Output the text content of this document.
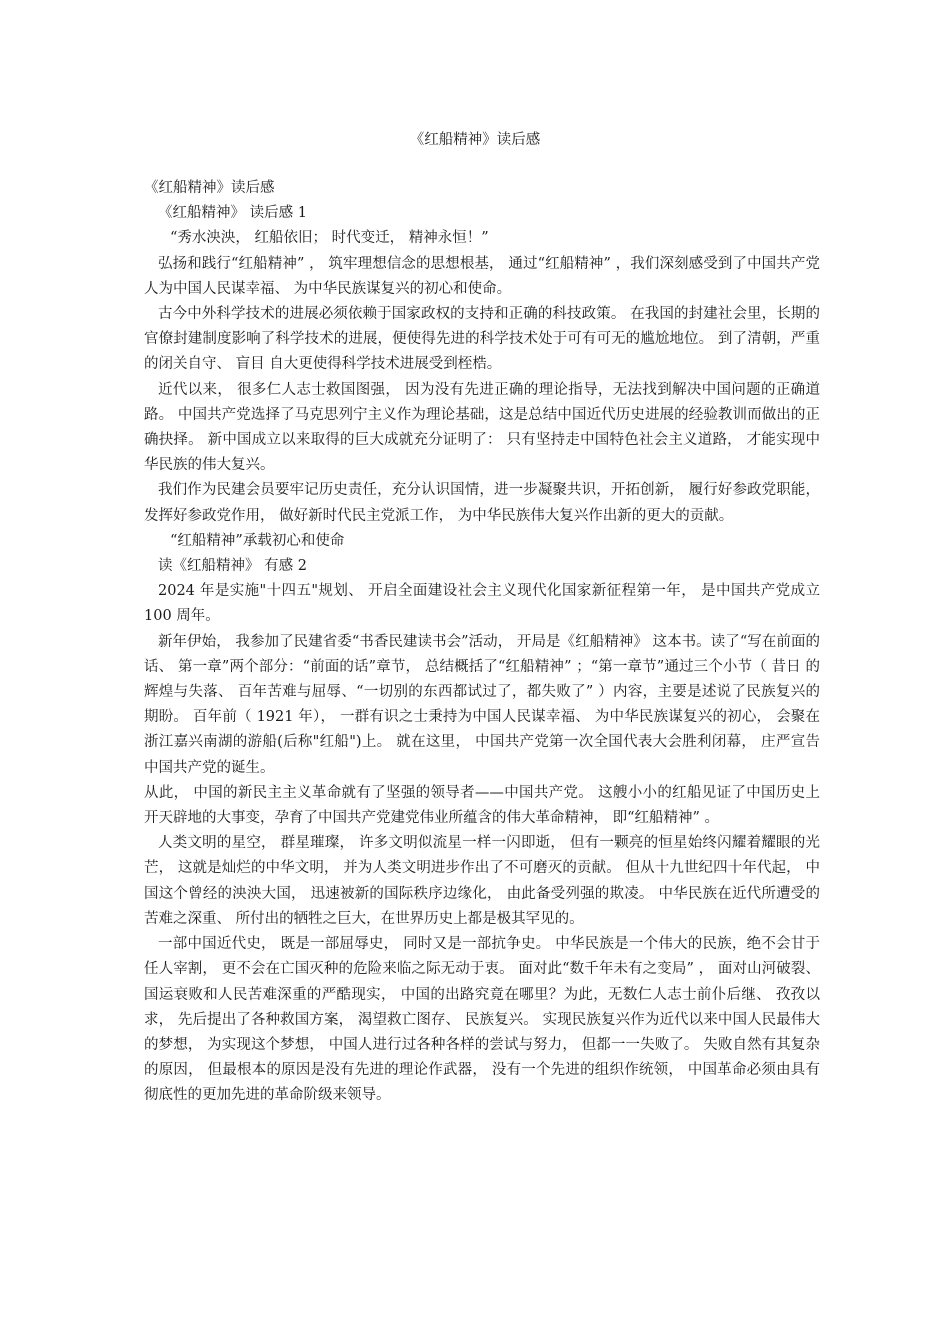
《红船精神》读后感

《红船精神》读后感

《红船精神》 读后感 1

“秀水泱泱， 红船依旧； 时代变迁， 精神永恒！”

弘扬和践行“红船精神” ， 筑牢理想信念的思想根基， 通过“红船精神” ，我们深刻感受到了中国共产党人为中国人民谋幸福、 为中华民族谋复兴的初心和使命。

古今中外科学技术的进展必须依赖于国家政权的支持和正确的科技政策。 在我国的封建社会里，长期的官僚封建制度影响了科学技术的进展，便使得先进的科学技术处于可有可无的尴尬地位。 到了清朝，严重的闭关自守、 盲目 自大更使得科学技术进展受到桎梏。

近代以来， 很多仁人志士救国图强， 因为没有先进正确的理论指导，无法找到解决中国问题的正确道路。 中国共产党选择了马克思列宁主义作为理论基础，这是总结中国近代历史进展的经验教训而做出的正确抉择。 新中国成立以来取得的巨大成就充分证明了： 只有坚持走中国特色社会主义道路， 才能实现中华民族的伟大复兴。

我们作为民建会员要牢记历史责任，充分认识国情，进一步凝聚共识，开拓创新， 履行好参政党职能， 发挥好参政党作用， 做好新时代民主党派工作， 为中华民族伟大复兴作出新的更大的贡献。

“红船精神”承载初心和使命

读《红船精神》 有感 2

2024 年是实施"十四五"规划、 开启全面建设社会主义现代化国家新征程第一年， 是中国共产党成立 100 周年。

新年伊始， 我参加了民建省委“书香民建读书会”活动， 开局是《红船精神》 这本书。读了“写在前面的话、 第一章”两个部分：“前面的话”章节， 总结概括了“红船精神” ；“第一章节”通过三个小节（ 昔日 的辉煌与失落、 百年苦难与屈辱、“一切别的东西都试过了，都失败了” ）内容，主要是述说了民族复兴的期盼。 百年前（ 1921 年）， 一群有识之士秉持为中国人民谋幸福、 为中华民族谋复兴的初心， 会聚在浙江嘉兴南湖的游船(后称"红船")上。 就在这里， 中国共产党第一次全国代表大会胜利闭幕， 庄严宣告中国共产党的诞生。

从此， 中国的新民主主义革命就有了坚强的领导者——中国共产党。 这艘小小的红船见证了中国历史上开天辟地的大事变，孕育了中国共产党建党伟业所蕴含的伟大革命精神， 即“红船精神” 。

人类文明的星空， 群星璀璨， 许多文明似流星一样一闪即逝， 但有一颗亮的恒星始终闪耀着耀眼的光芒， 这就是灿烂的中华文明， 并为人类文明进步作出了不可磨灭的贡献。 但从十九世纪四十年代起， 中国这个曾经的泱泱大国， 迅速被新的国际秩序边缘化， 由此备受列强的欺凌。 中华民族在近代所遭受的苦难之深重、 所付出的牺牲之巨大，在世界历史上都是极其罕见的。

一部中国近代史， 既是一部屈辱史， 同时又是一部抗争史。 中华民族是一个伟大的民族，绝不会甘于任人宰割， 更不会在亡国灭种的危险来临之际无动于衷。 面对此“数千年未有之变局” ， 面对山河破裂、 国运衰败和人民苦难深重的严酷现实， 中国的出路究竟在哪里？为此，无数仁人志士前仆后继、 孜孜以求， 先后提出了各种救国方案， 渴望救亡图存、 民族复兴。 实现民族复兴作为近代以来中国人民最伟大的梦想， 为实现这个梦想， 中国人进行过各种各样的尝试与努力， 但都一一失败了。 失败自然有其复杂的原因， 但最根本的原因是没有先进的理论作武器， 没有一个先进的组织作统领， 中国革命必须由具有彻底性的更加先进的革命阶级来领导。
